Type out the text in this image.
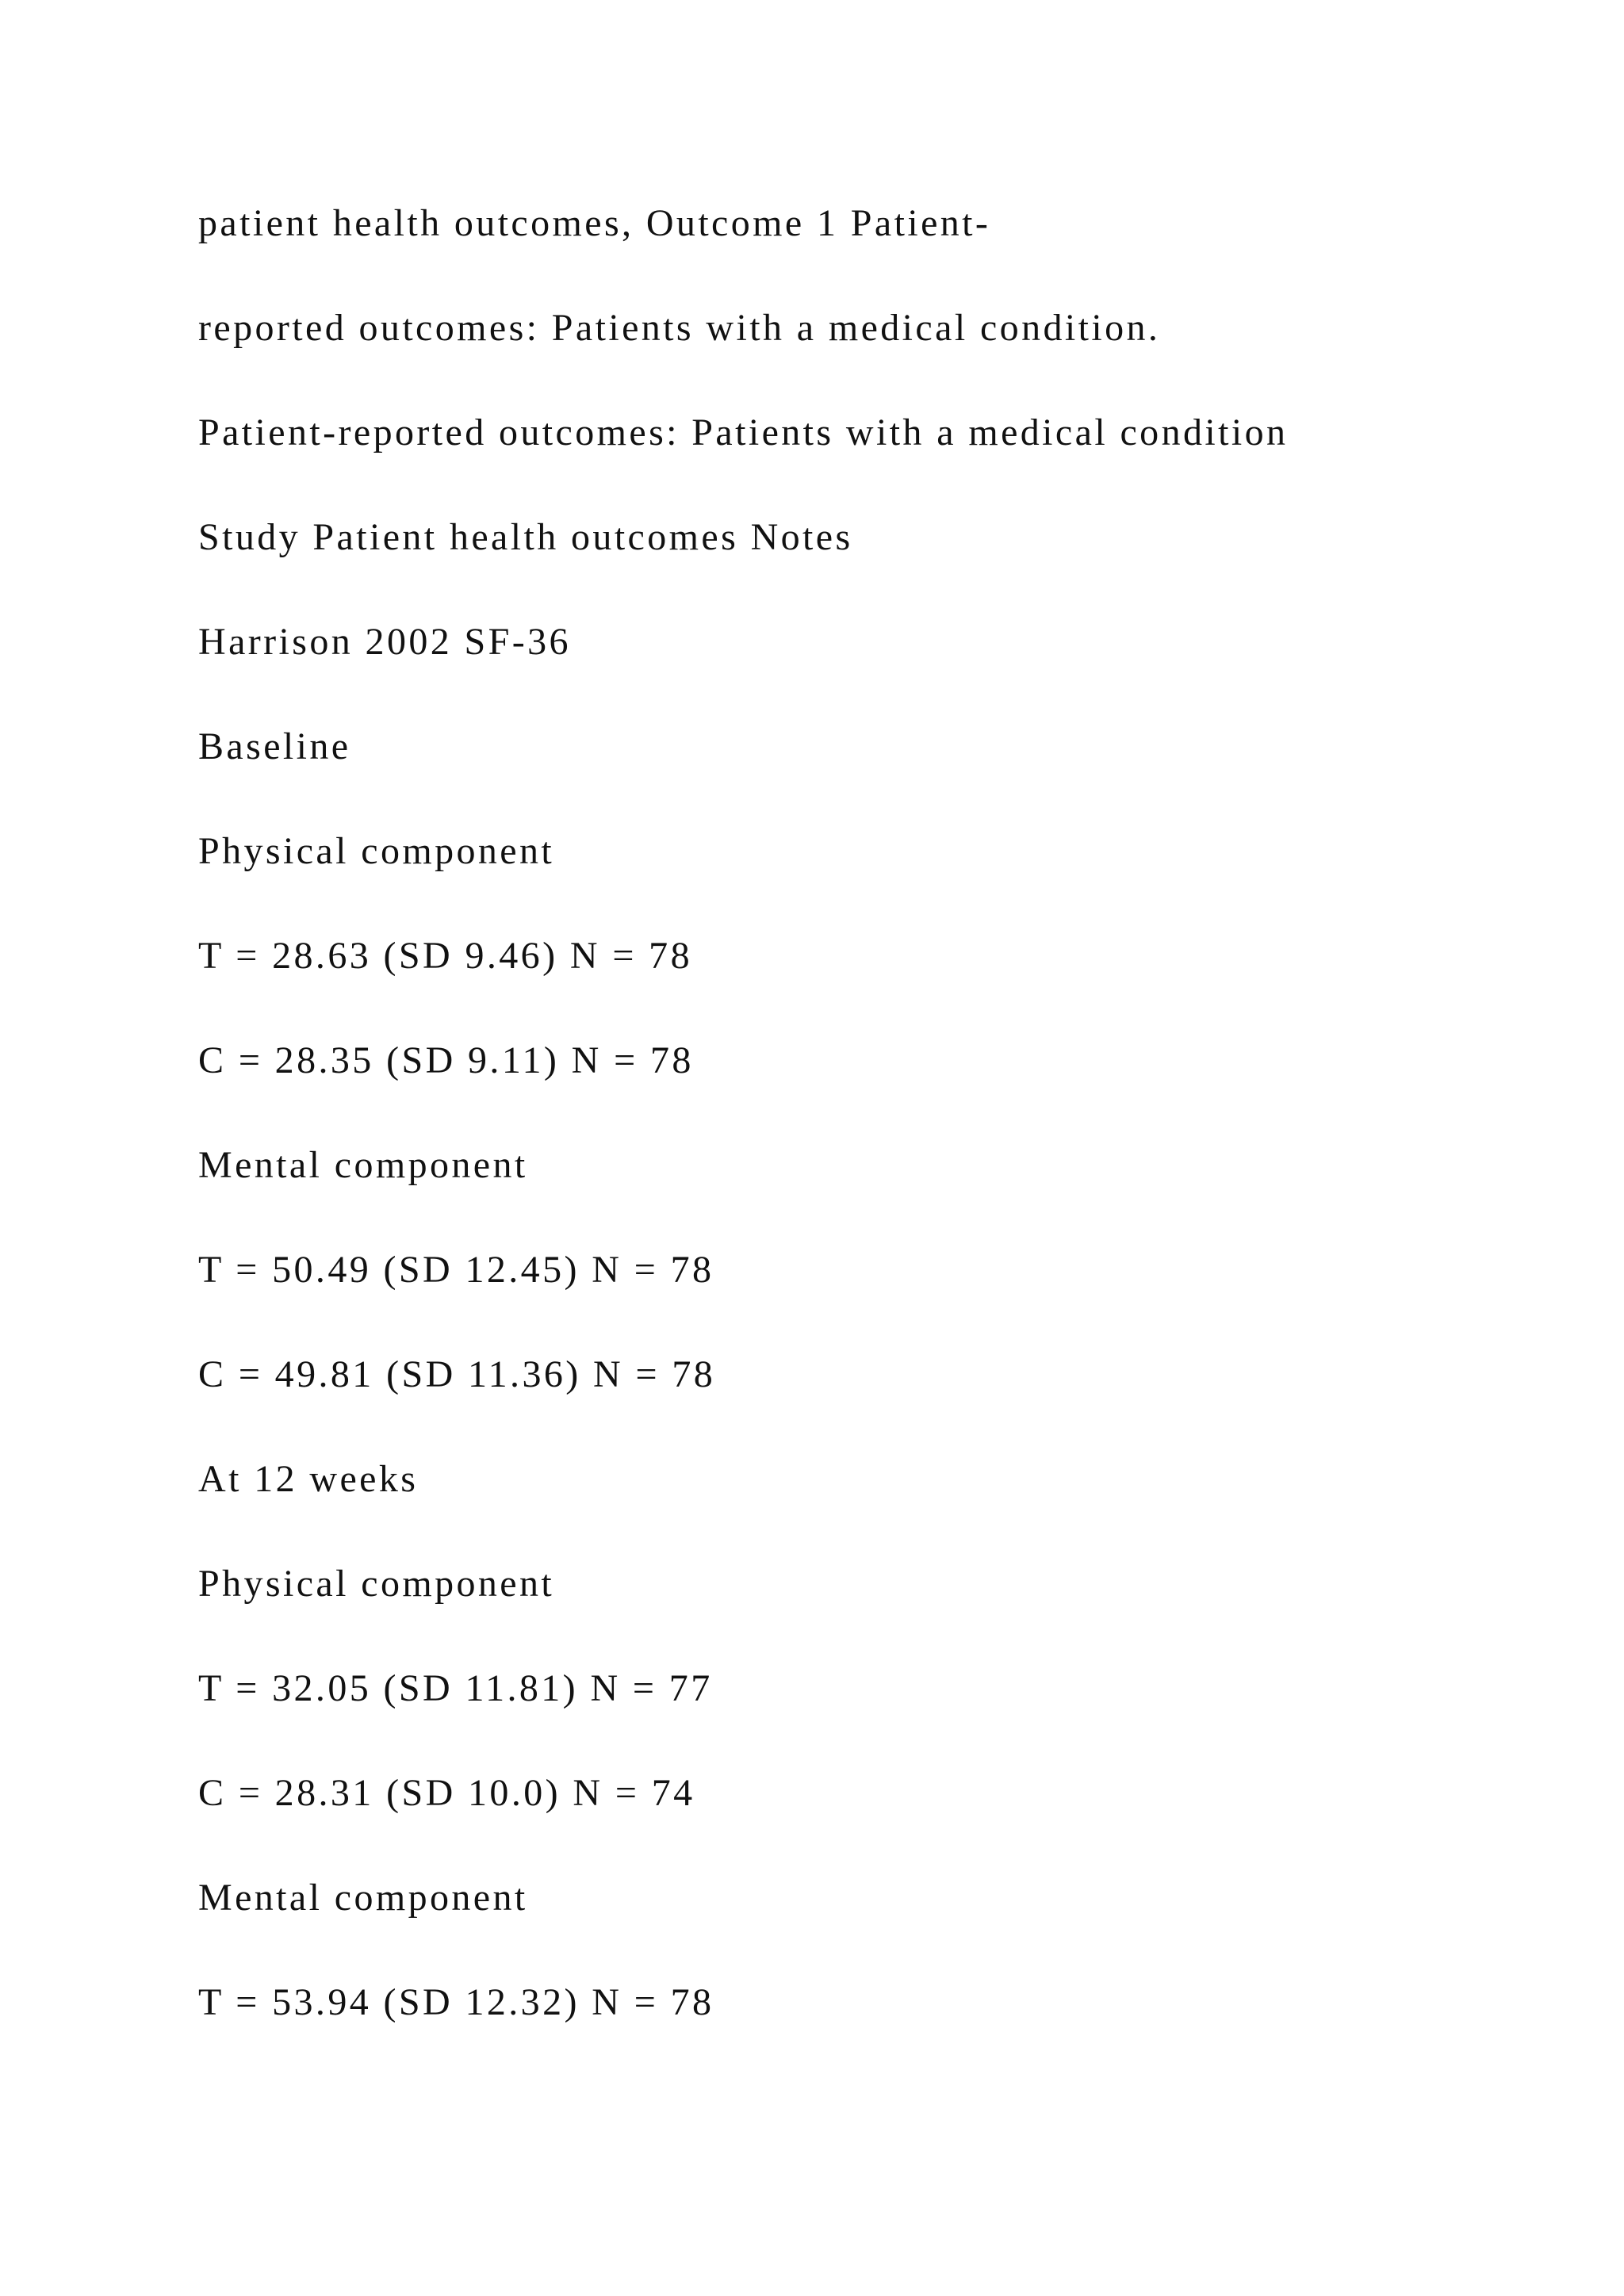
patient health outcomes, Outcome 1 Patient-
reported outcomes: Patients with a medical condition.
Patient-reported outcomes: Patients with a medical condition
Study Patient health outcomes Notes
Harrison 2002 SF-36
Baseline
Physical component
T = 28.63 (SD 9.46) N = 78
C = 28.35 (SD 9.11) N = 78
Mental component
T = 50.49 (SD 12.45) N = 78
C = 49.81 (SD 11.36) N = 78
At 12 weeks
Physical component
T = 32.05 (SD 11.81) N = 77
C = 28.31 (SD 10.0) N = 74
Mental component
T = 53.94 (SD 12.32) N = 78
